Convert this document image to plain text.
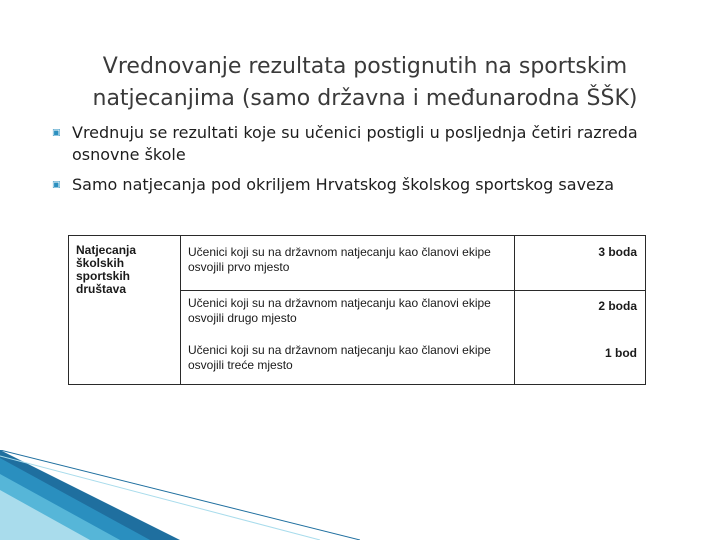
Vrednovanje rezultata postignutih na sportskim natjecanjima (samo državna i međunarodna ŠŠK)
▣ Vrednuju se rezultati koje su učenici postigli u posljednja četiri razreda osnovne škole
▣ Samo natjecanja pod okriljem Hrvatskog školskog sportskog saveza
Natjecanja školskih sportskih društava
Učenici koji su na državnom natjecanju kao članovi ekipe osvojili prvo mjesto
3 boda
Učenici koji su na državnom natjecanju kao članovi ekipe osvojili drugo mjesto
2 boda
Učenici koji su na državnom natjecanju kao članovi ekipe osvojili treće mjesto
1 bod
